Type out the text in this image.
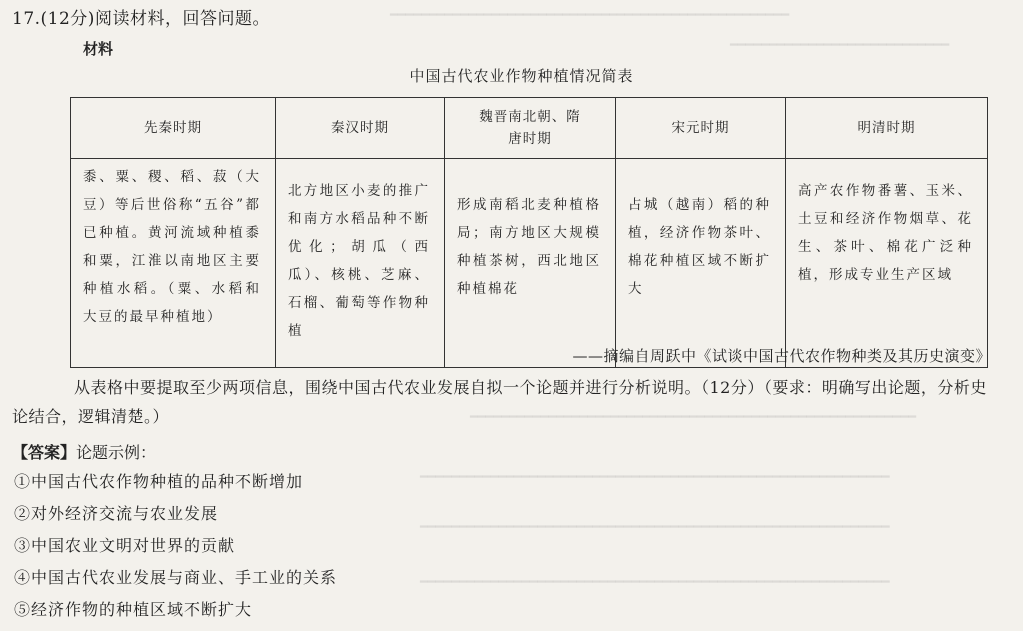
━━━━━━━━━━━━━━━━━━━━━━━━━━━━━━━━━━━━━━━━━━━━━━━━━━━
━━━━━━━━━━━━━━━━━━━━━━━━━━━━
━━━━━━━━━━━━━━━━━━━━━━━━━━━━━━━━━━━━━━━━━━━━━━━━━━━━━━━━━
━━━━━━━━━━━━━━━━━━━━━━━━━━━━━━━━━━━━━━━━━━━━━━━━━━━━━━━━━━━━
━━━━━━━━━━━━━━━━━━━━━━━━━━━━━━━━━━━━━━━━━━━━━━━━━━━━━━━━━━━━
━━━━━━━━━━━━━━━━━━━━━━━━━━━━━━━━━━━━━━━━━━━━━━━━━━━━━━━━━━━━
17.(12分)阅读材料，回答问题。
材料
中国古代农业作物种植情况简表
先秦时期	秦汉时期	魏晋南北朝、隋唐时期	宋元时期	明清时期
黍、粟、稷、稻、菽（大豆）等后世俗称“五谷”都已种植。黄河流域种植黍和粟，江淮以南地区主要种植水稻。（粟、水稻和大豆的最早种植地）	北方地区小麦的推广和南方水稻品种不断优化；胡瓜（西瓜）、核桃、芝麻、石榴、葡萄等作物种植	形成南稻北麦种植格局；南方地区大规模种植茶树，西北地区种植棉花	占城（越南）稻的种植，经济作物茶叶、棉花种植区域不断扩大	高产农作物番薯、玉米、土豆和经济作物烟草、花生、茶叶、棉花广泛种植，形成专业生产区域
——摘编自周跃中《试谈中国古代农作物种类及其历史演变》
从表格中要提取至少两项信息，围绕中国古代农业发展自拟一个论题并进行分析说明。（12分）（要求：明确写出论题，分析史论结合，逻辑清楚。）
【答案】论题示例：
①中国古代农作物种植的品种不断增加
②对外经济交流与农业发展
③中国农业文明对世界的贡献
④中国古代农业发展与商业、手工业的关系
⑤经济作物的种植区域不断扩大
